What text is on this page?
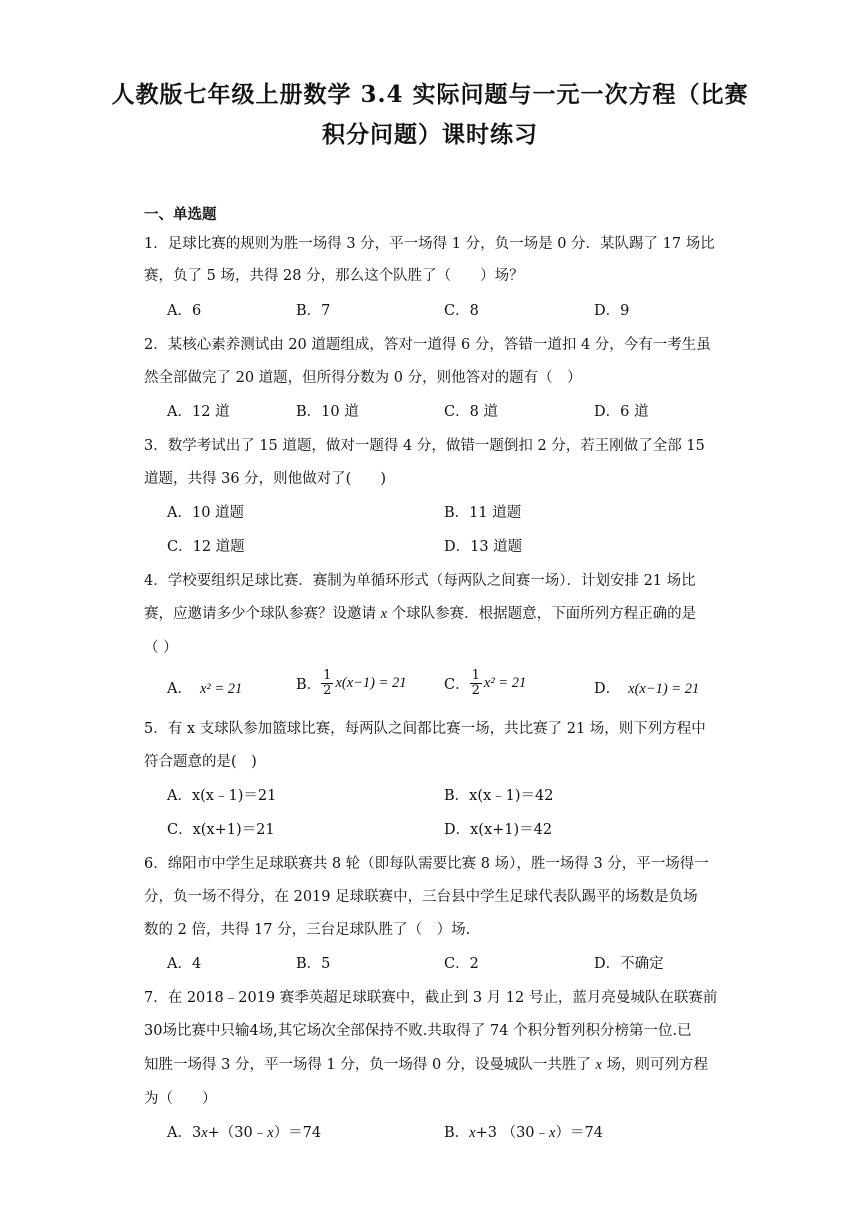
人教版七年级上册数学 3.4 实际问题与一元一次方程（比赛
积分问题）课时练习
一、单选题
1．足球比赛的规则为胜一场得 3 分，平一场得 1 分，负一场是 0 分．某队踢了 17 场比
赛，负了 5 场，共得 28 分，那么这个队胜了（　　）场？
A．6	B．7	C．8	D．9
2．某核心素养测试由 20 道题组成，答对一道得 6 分，答错一道扣 4 分，今有一考生虽
然全部做完了 20 道题，但所得分数为 0 分，则他答对的题有（　）
A．12 道	B．10 道	C．8 道	D．6 道
3．数学考试出了 15 道题，做对一题得 4 分，做错一题倒扣 2 分，若王刚做了全部 15
道题，共得 36 分，则他做对了(　　)
A．10 道题	B．11 道题
C．12 道题	D．13 道题
4．学校要组织足球比赛．赛制为单循环形式（每两队之间赛一场）．计划安排 21 场比
赛，应邀请多少个球队参赛？设邀请 x 个球队参赛．根据题意，下面所列方程正确的是
（ ）
A． x² = 21	B． $\frac{1}{2} x(x-1) = 21$	C． $\frac{1}{2} x^2 = 21$	D． x(x−1) = 21
5．有 x 支球队参加篮球比赛，每两队之间都比赛一场，共比赛了 21 场，则下列方程中
符合题意的是(　)
A．x(x﹣1)＝21	B．x(x﹣1)＝42
C．x(x+1)＝21	D．x(x+1)＝42
6．绵阳市中学生足球联赛共 8 轮（即每队需要比赛 8 场），胜一场得 3 分，平一场得一
分，负一场不得分，在 2019 足球联赛中，三台县中学生足球代表队踢平的场数是负场
数的 2 倍，共得 17 分，三台足球队胜了（　）场.
A．4	B．5	C．2	D．不确定
7．在 2018﹣2019 赛季英超足球联赛中，截止到 3 月 12 号止，蓝月亮曼城队在联赛前
30场比赛中只输4场,其它场次全部保持不败.共取得了 74 个积分暂列积分榜第一位.已
知胜一场得 3 分，平一场得 1 分，负一场得 0 分，设曼城队一共胜了 x 场，则可列方程
为（　　）
A．3x+（30﹣x）＝74	B．x+3 （30﹣x）＝74
